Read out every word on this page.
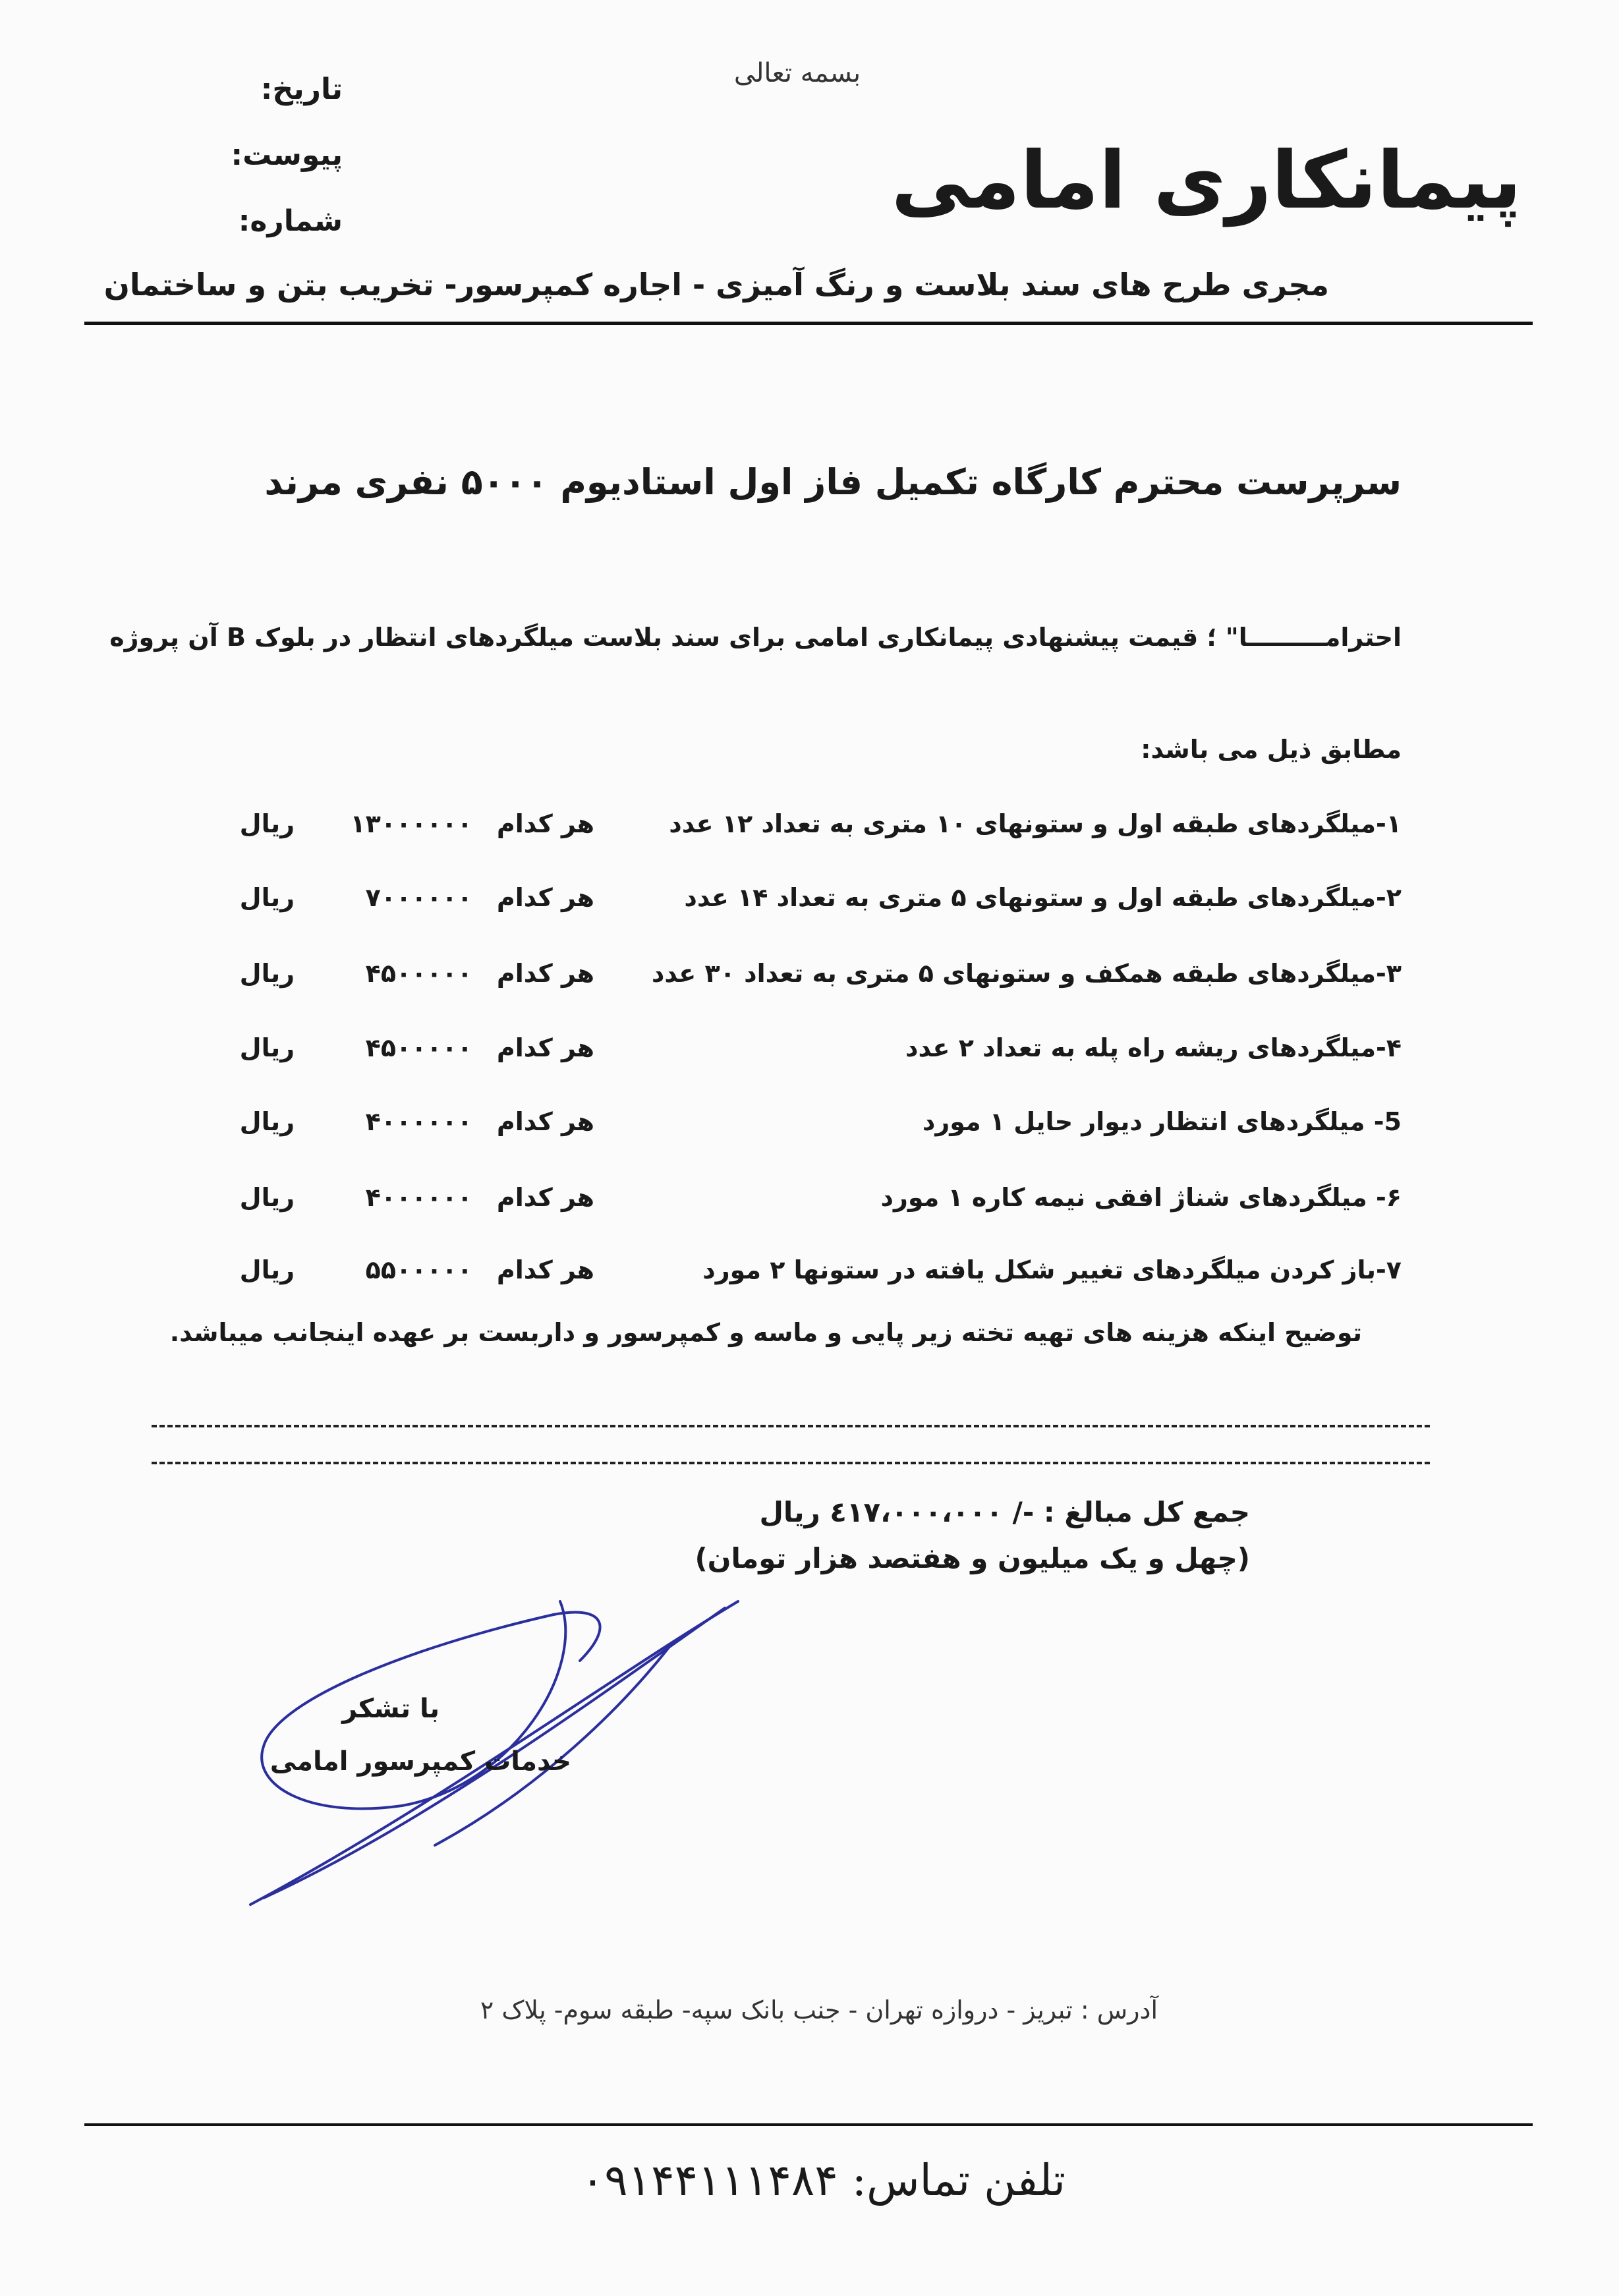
بسمه تعالی
تاریخ:
پیوست:
شماره:	پیمانکاری امامی
مجری طرح های سند بلاست و رنگ آمیزی - اجاره کمپرسور- تخریب بتن و ساختمان
سرپرست محترم کارگاه تکمیل فاز اول استادیوم ۵۰۰۰ نفری مرند
احترامـــــــــا" ؛ قیمت پیشنهادی پیمانکاری امامی برای سند بلاست میلگردهای انتظار در بلوک B آن پروژه
مطابق ذیل می باشد:
۱-میلگردهای طبقه اول و ستونهای ۱۰ متری به تعداد ۱۲ عدد
هر کدام
۱۳۰۰۰۰۰۰
ریال
۲-میلگردهای طبقه اول و ستونهای ۵ متری به تعداد ۱۴ عدد
هر کدام
۷۰۰۰۰۰۰
ریال
۳-میلگردهای طبقه همکف و ستونهای ۵ متری به تعداد ۳۰ عدد
هر کدام
۴۵۰۰۰۰۰
ریال
۴-میلگردهای ریشه راه پله به تعداد ۲ عدد
هر کدام
۴۵۰۰۰۰۰
ریال
5- میلگردهای انتظار دیوار حایل ۱ مورد
هر کدام
۴۰۰۰۰۰۰
ریال
۶- میلگردهای شناژ افقی نیمه کاره ۱ مورد
هر کدام
۴۰۰۰۰۰۰
ریال
۷-باز کردن میلگردهای تغییر شکل یافته در ستونها ۲ مورد
هر کدام
۵۵۰۰۰۰۰
ریال
توضیح اینکه هزینه های تهیه تخته زیر پایی و ماسه و کمپرسور و داربست بر عهده اینجانب میباشد.
جمع کل مبالغ : -/ ٤١٧،٠٠٠،٠٠٠ ریال
(چهل و یک میلیون و هفتصد هزار تومان)
با تشکر
خدمات کمپرسور امامی
آدرس : تبریز - دروازه تهران - جنب بانک سپه- طبقه سوم- پلاک ۲
تلفن تماس: ۰۹۱۴۴۱۱۱۴۸۴
